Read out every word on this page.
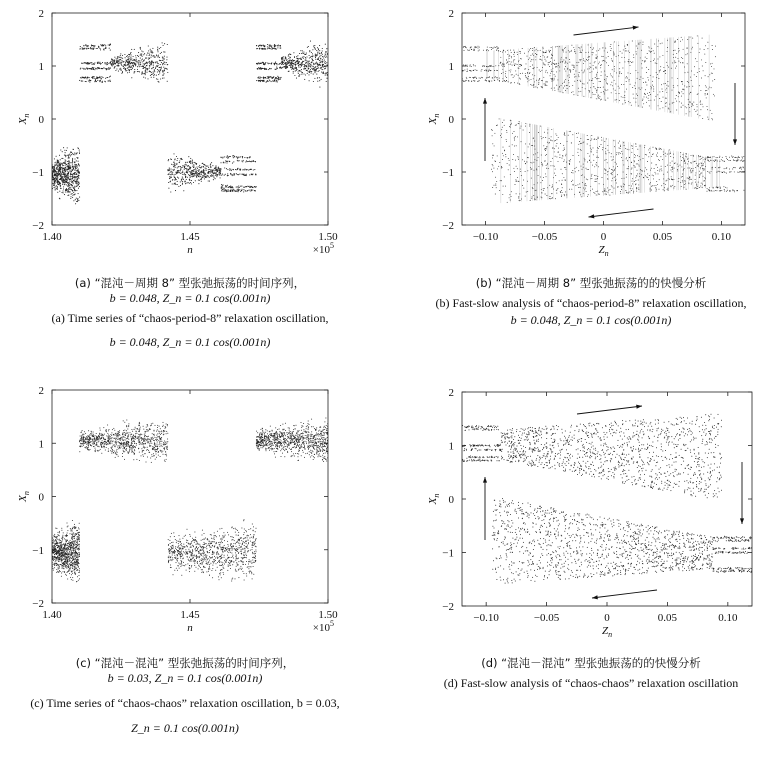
−2
−1
0
1
2
1.40	1.45	1.50
n
$X_n$
$\times 10^5$
−2
−1
0
1
2
−0.10	−0.05	0	0.05	0.10
$Z_n$
$X_n$
−2
−1
0
1
2
1.40	1.45	1.50
n
$X_n$
$\times 10^5$
−2
−1
0
1
2
−0.10	−0.05	0	0.05	0.10
$Z_n$
$X_n$
(a) “混沌－周期 8” 型张弛振荡的时间序列，
b = 0.048, Z_n = 0.1 cos(0.001n)
(a) Time series of “chaos-period-8” relaxation oscillation,
b = 0.048, Z_n = 0.1 cos(0.001n)
(b) “混沌－周期 8” 型张弛振荡的的快慢分析
(b) Fast-slow analysis of “chaos-period-8” relaxation oscillation,
b = 0.048, Z_n = 0.1 cos(0.001n)
(c) “混沌－混沌” 型张弛振荡的时间序列，
b = 0.03, Z_n = 0.1 cos(0.001n)
(c) Time series of “chaos-chaos” relaxation oscillation, b = 0.03,
Z_n = 0.1 cos(0.001n)
(d) “混沌－混沌” 型张弛振荡的的快慢分析
(d) Fast-slow analysis of “chaos-chaos” relaxation oscillation
